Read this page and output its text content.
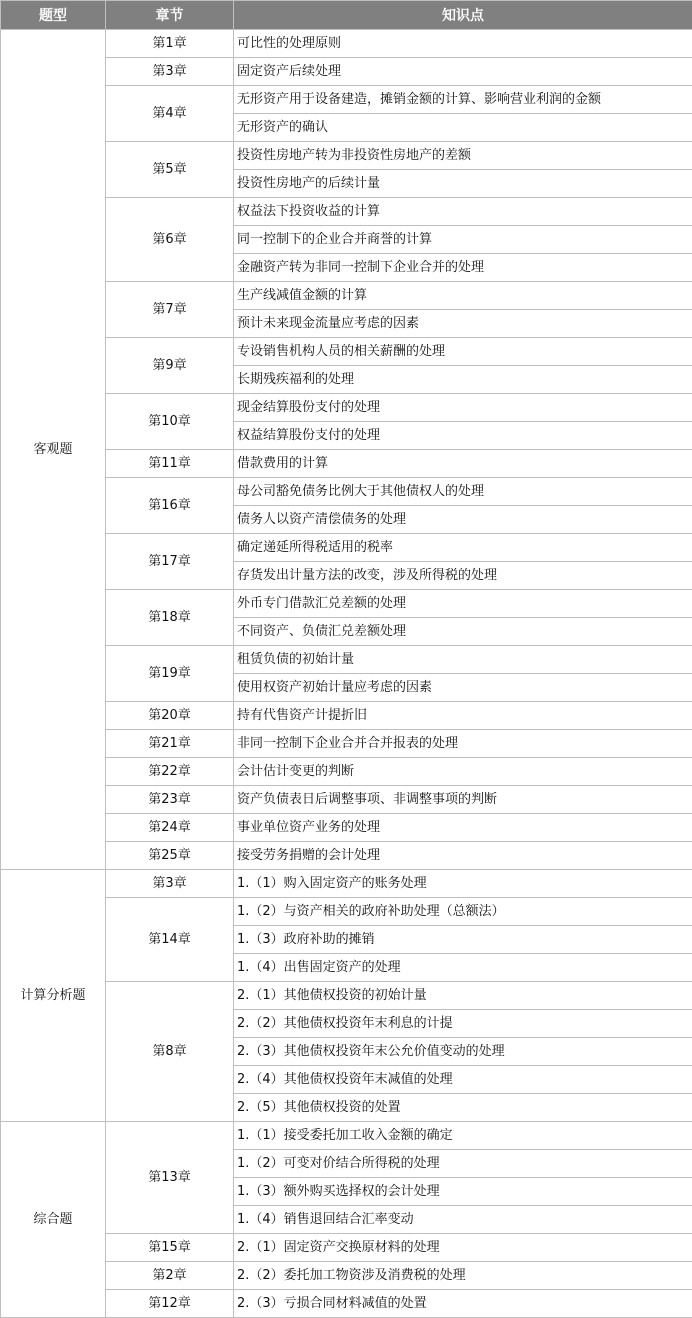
题型	章节	知识点
客观题	第1章	可比性的处理原则
	第3章	固定资产后续处理
	第4章	无形资产用于设备建造，摊销金额的计算、影响营业利润的金额
		无形资产的确认
	第5章	投资性房地产转为非投资性房地产的差额
		投资性房地产的后续计量
	第6章	权益法下投资收益的计算
		同一控制下的企业合并商誉的计算
		金融资产转为非同一控制下企业合并的处理
	第7章	生产线减值金额的计算
		预计未来现金流量应考虑的因素
	第9章	专设销售机构人员的相关薪酬的处理
		长期残疾福利的处理
	第10章	现金结算股份支付的处理
		权益结算股份支付的处理
	第11章	借款费用的计算
	第16章	母公司豁免债务比例大于其他债权人的处理
		债务人以资产清偿债务的处理
	第17章	确定递延所得税适用的税率
		存货发出计量方法的改变，涉及所得税的处理
	第18章	外币专门借款汇兑差额的处理
		不同资产、负债汇兑差额处理
	第19章	租赁负债的初始计量
		使用权资产初始计量应考虑的因素
	第20章	持有代售资产计提折旧
	第21章	非同一控制下企业合并合并报表的处理
	第22章	会计估计变更的判断
	第23章	资产负债表日后调整事项、非调整事项的判断
	第24章	事业单位资产业务的处理
	第25章	接受劳务捐赠的会计处理
计算分析题	第3章	1.（1）购入固定资产的账务处理
	第14章	1.（2）与资产相关的政府补助处理（总额法）
		1.（3）政府补助的摊销
		1.（4）出售固定资产的处理
	第8章	2.（1）其他债权投资的初始计量
		2.（2）其他债权投资年末利息的计提
		2.（3）其他债权投资年末公允价值变动的处理
		2.（4）其他债权投资年末减值的处理
		2.（5）其他债权投资的处置
综合题	第13章	1.（1）接受委托加工收入金额的确定
		1.（2）可变对价结合所得税的处理
		1.（3）额外购买选择权的会计处理
		1.（4）销售退回结合汇率变动
	第15章	2.（1）固定资产交换原材料的处理
	第2章	2.（2）委托加工物资涉及消费税的处理
	第12章	2.（3）亏损合同材料减值的处置
